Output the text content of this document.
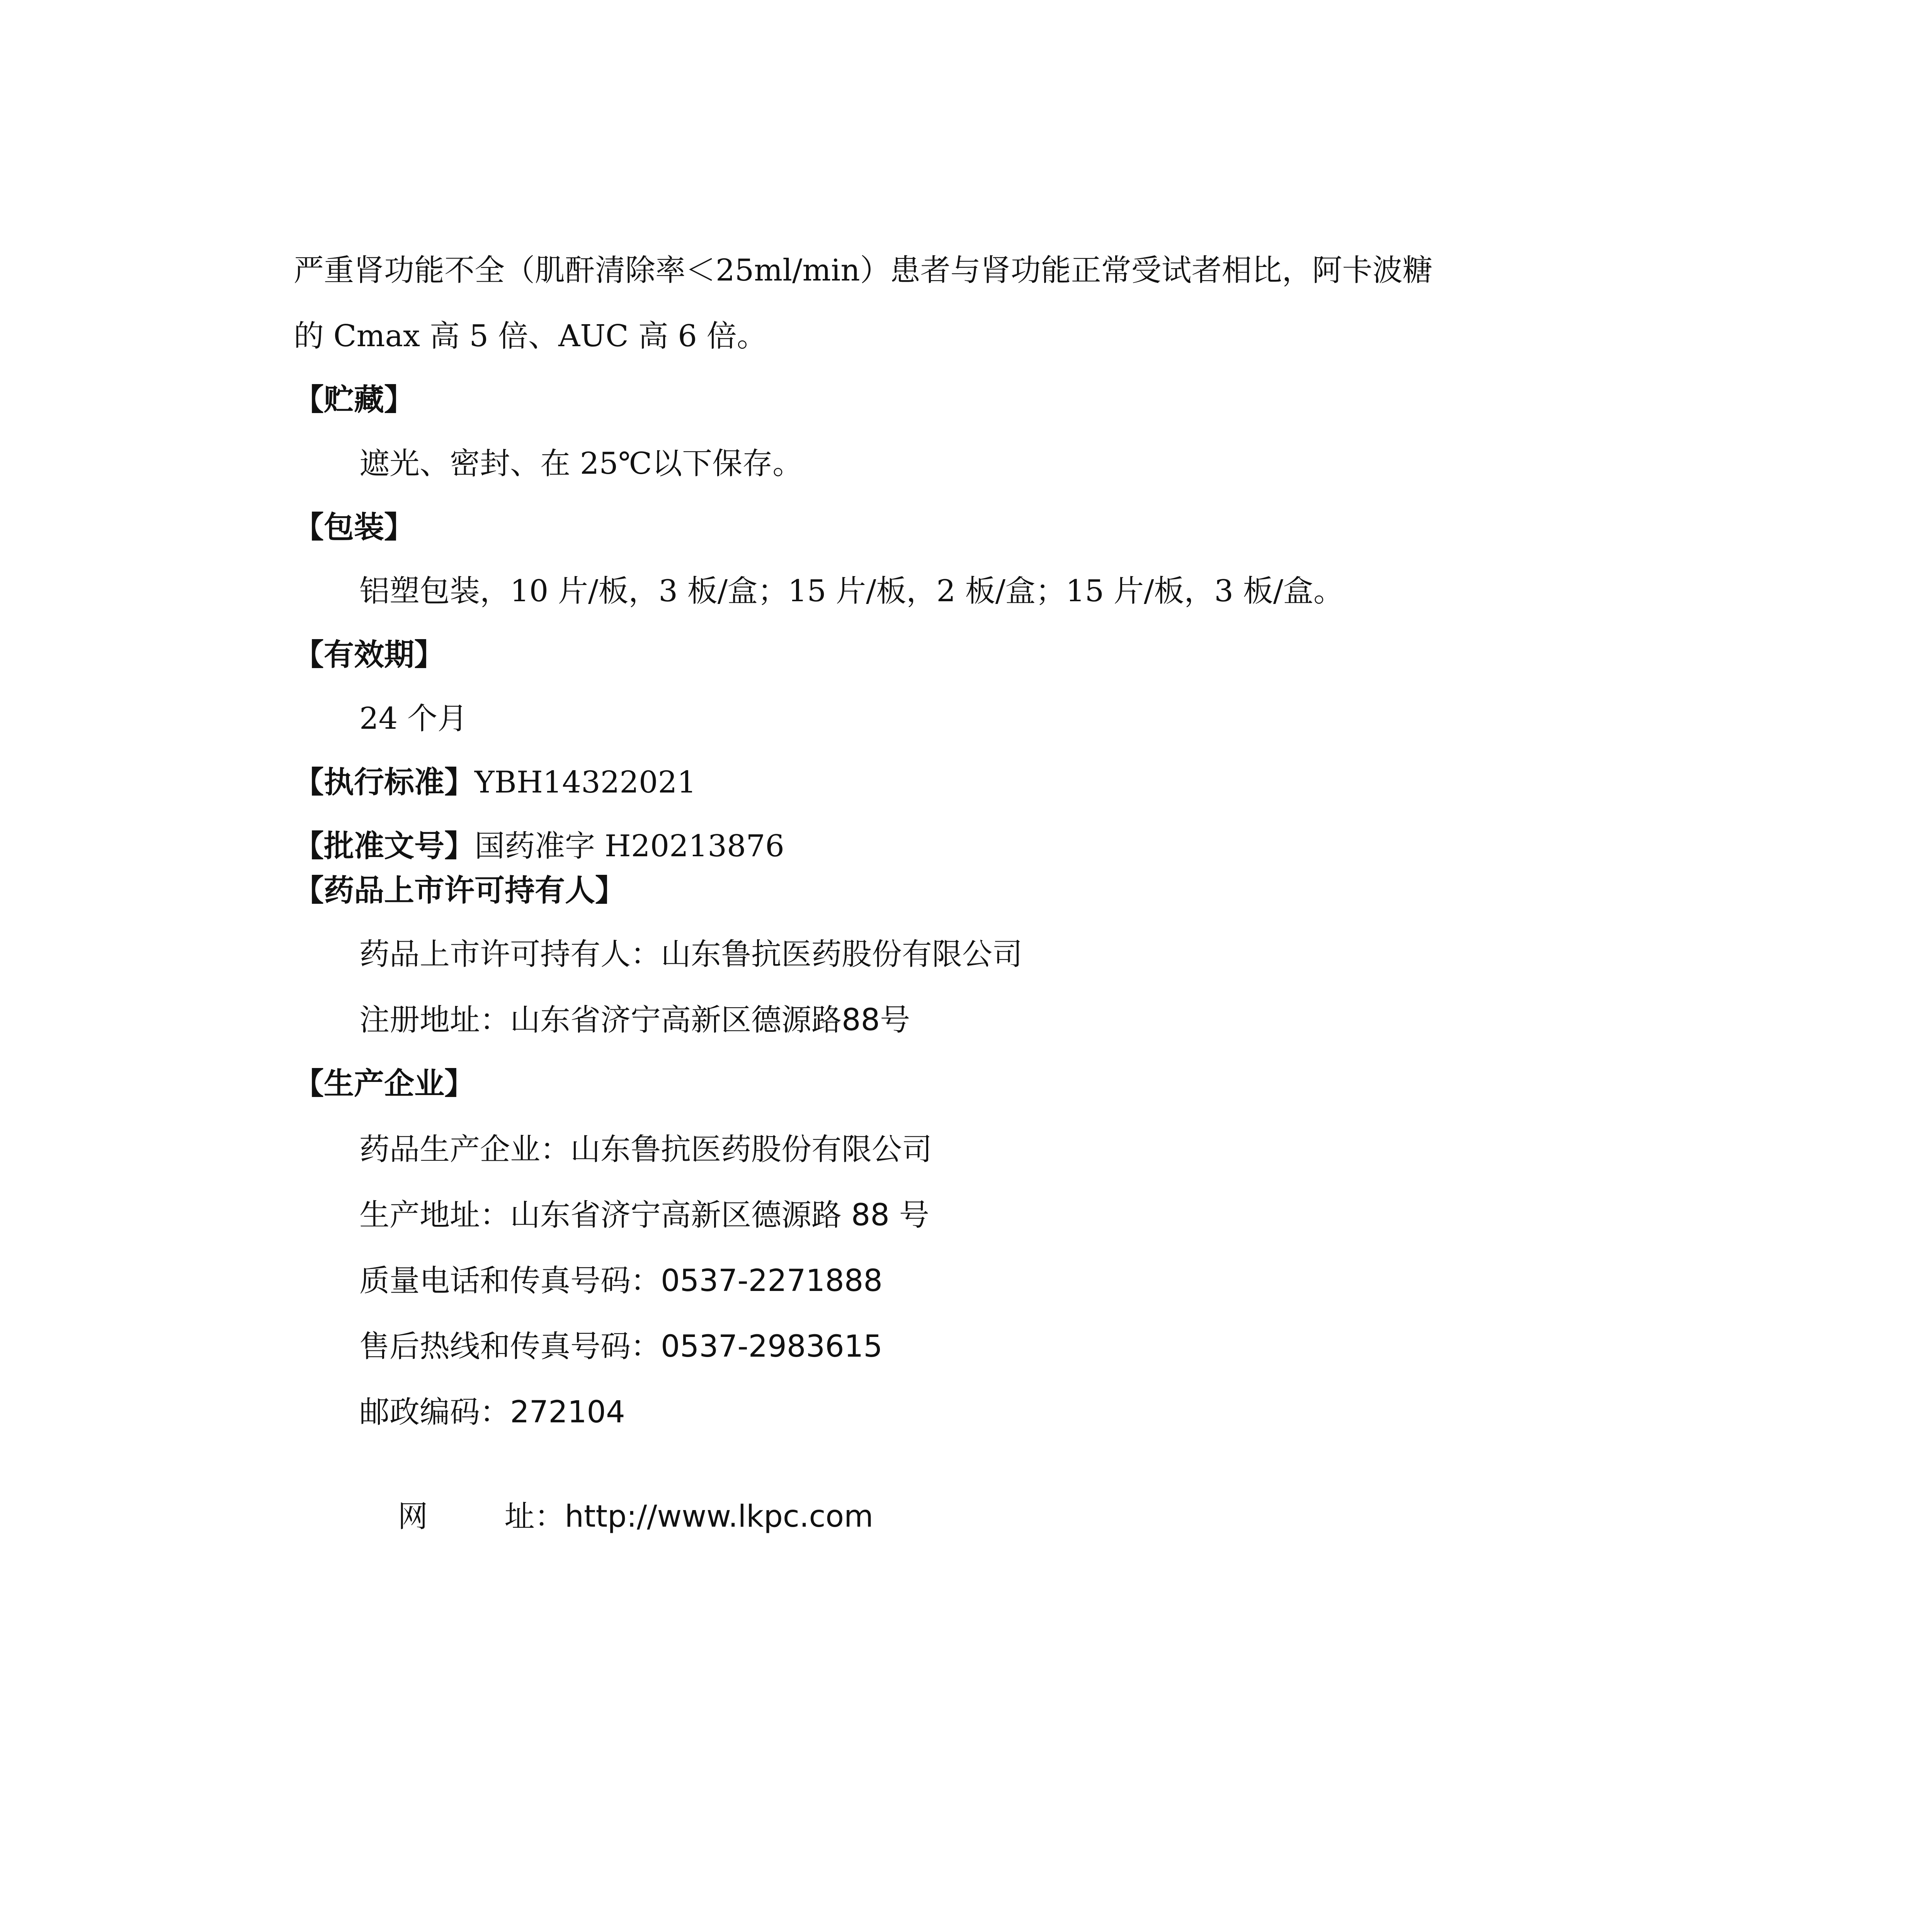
严重肾功能不全（肌酐清除率＜25ml/min）患者与肾功能正常受试者相比，阿卡波糖
的 Cmax 高 5 倍、AUC 高 6 倍。
【贮藏】
遮光、密封、在 25℃以下保存。
【包装】
铝塑包装，10 片/板，3 板/盒；15 片/板，2 板/盒；15 片/板，3 板/盒。
【有效期】
24 个月
【执行标准】YBH14322021
【批准文号】国药准字 H20213876
【药品上市许可持有人】
药品上市许可持有人：山东鲁抗医药股份有限公司
注册地址：山东省济宁高新区德源路88号
【生产企业】
药品生产企业：山东鲁抗医药股份有限公司
生产地址：山东省济宁高新区德源路 88 号
质量电话和传真号码：0537-2271888
售后热线和传真号码：0537-2983615
邮政编码：272104

网        址：http://www.lkpc.com
